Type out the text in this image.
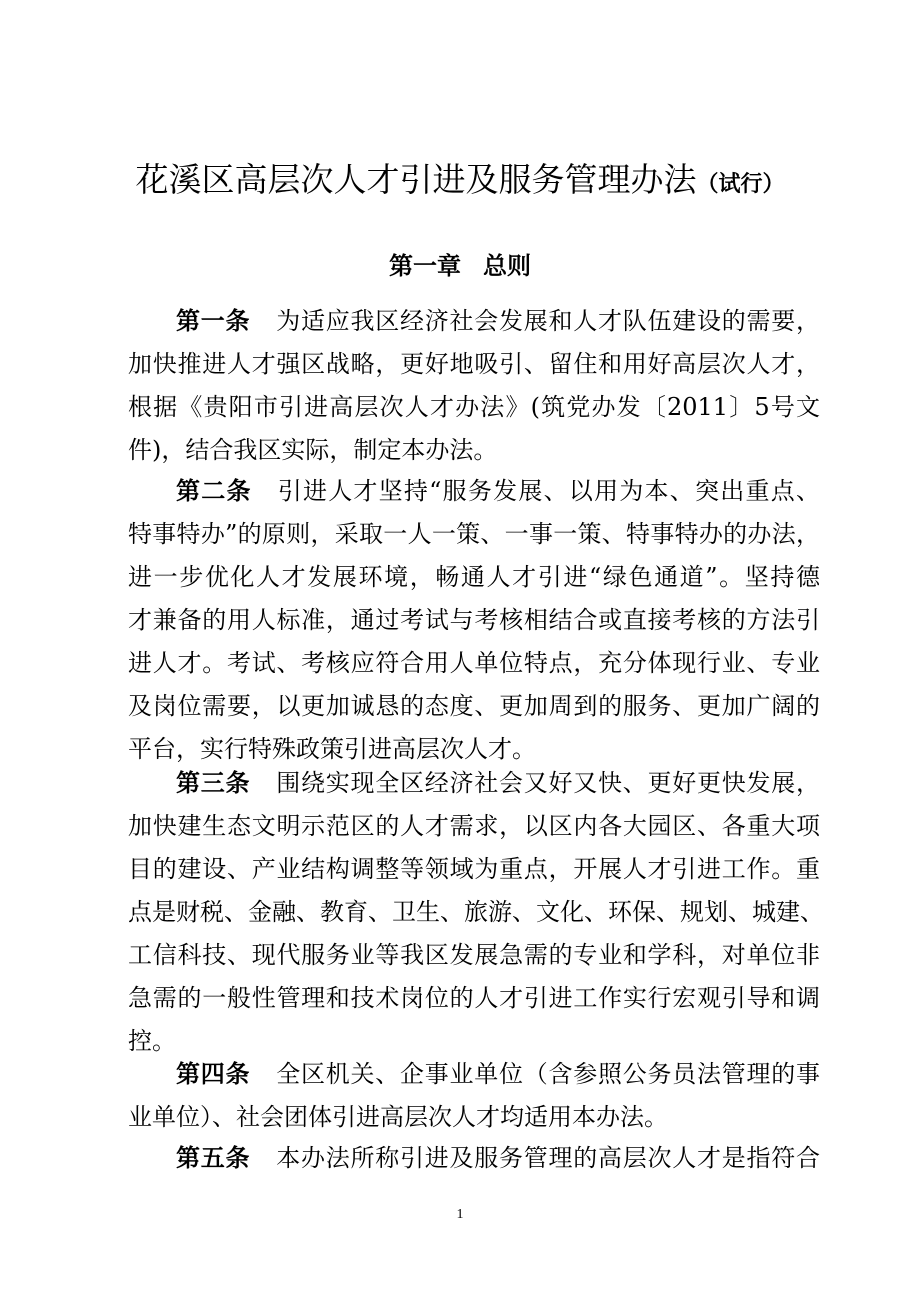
花溪区高层次人才引进及服务管理办法（试行）
第一章 总则
第一条 为适应我区经济社会发展和人才队伍建设的需要，
加快推进人才强区战略，更好地吸引、留住和用好高层次人才，
根据《贵阳市引进高层次人才办法》(筑党办发〔2011〕5号文
件)，结合我区实际，制定本办法。
第二条 引进人才坚持“服务发展、以用为本、突出重点、
特事特办”的原则，采取一人一策、一事一策、特事特办的办法，
进一步优化人才发展环境，畅通人才引进“绿色通道”。坚持德
才兼备的用人标准，通过考试与考核相结合或直接考核的方法引
进人才。考试、考核应符合用人单位特点，充分体现行业、专业
及岗位需要，以更加诚恳的态度、更加周到的服务、更加广阔的
平台，实行特殊政策引进高层次人才。
第三条 围绕实现全区经济社会又好又快、更好更快发展，
加快建生态文明示范区的人才需求，以区内各大园区、各重大项
目的建设、产业结构调整等领域为重点，开展人才引进工作。重
点是财税、金融、教育、卫生、旅游、文化、环保、规划、城建、
工信科技、现代服务业等我区发展急需的专业和学科，对单位非
急需的一般性管理和技术岗位的人才引进工作实行宏观引导和调
控。
第四条 全区机关、企事业单位（含参照公务员法管理的事
业单位）、社会团体引进高层次人才均适用本办法。
第五条 本办法所称引进及服务管理的高层次人才是指符合
1
